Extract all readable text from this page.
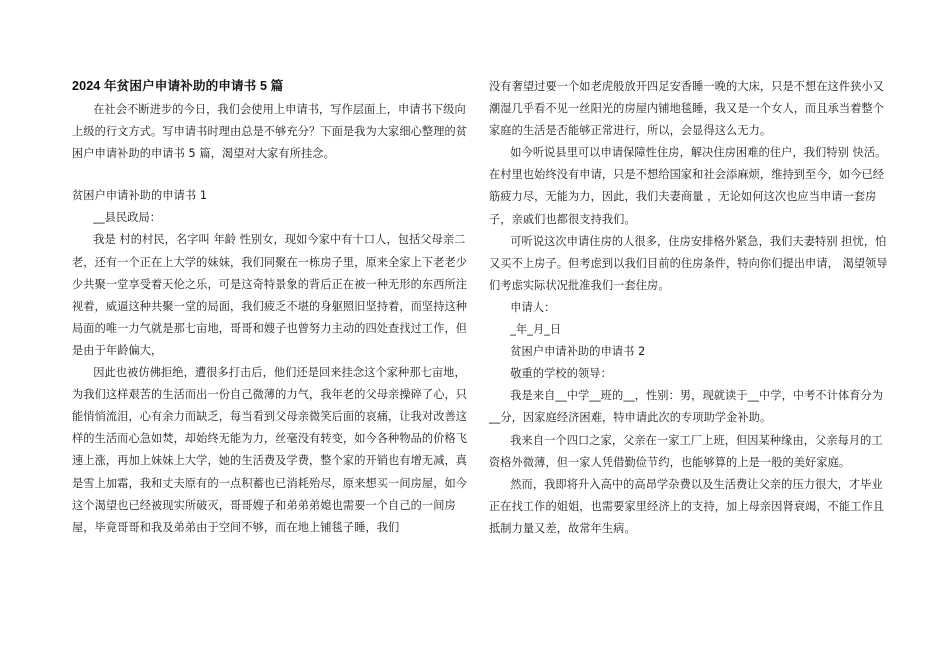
2024 年贫困户申请补助的申请书 5 篇

在社会不断进步的今日，我们会使用上申请书，写作层面上，申请书下级向上级的行文方式。写申请书时理由总是不够充分？下面是我为大家细心整理的贫困户申请补助的申请书 5 篇，渴望对大家有所挂念。

贫困户申请补助的申请书 1

__县民政局：

我是 村的村民，名字叫 年龄 性别女，现如今家中有十口人，包括父母亲二老，还有一个正在上大学的妹妹，我们同聚在一栋房子里，原来全家上下老老少少共聚一堂享受着天伦之乐，可是这奇特景象的背后正在被一种无形的东西所注视着，威逼这种共聚一堂的局面，我们疲乏不堪的身躯照旧坚持着，而坚持这种局面的唯一力气就是那七亩地，哥哥和嫂子也曾努力主动的四处查找过工作，但是由于年龄偏大，

因此也被仿佛拒绝，遭很多打击后，他们还是回来挂念这个家种那七亩地，为我们这样艰苦的生活而出一份自己微薄的力气，我年老的父母亲操碎了心，只能悄悄流泪，心有余力而缺乏，每当看到父母亲微笑后面的哀痛，让我对改善这样的生活而心急如焚，却始终无能为力，丝毫没有转变，如今各种物品的价格飞速上涨，再加上妹妹上大学，她的生活费及学费，整个家的开销也有增无减，真是雪上加霜，我和丈夫原有的一点积蓄也已消耗殆尽，原来想买一间房屋，如今这个渴望也已经被现实所破灭，哥哥嫂子和弟弟弟媳也需要一个自己的一间房屋，毕竟哥哥和我及弟弟由于空间不够，而在地上铺毯子睡，我们

没有奢望过要一个如老虎般放开四足安香睡一晚的大床，只是不想在这件狭小又潮湿几乎看不见一丝阳光的房屋内铺地毯睡，我又是一个女人，而且承当着整个家庭的生活是否能够正常进行，所以，会显得这么无力。

如今听说县里可以申请保障性住房，解决住房困难的住户，我们特别 快活。在村里也始终没有申请，只是不想给国家和社会添麻烦，维持到至今，如今已经筋疲力尽，无能为力，因此，我们夫妻商量 ，无论如何这次也应当申请一套房子，亲戚们也都很支持我们。

可听说这次申请住房的人很多，住房安排格外紧急，我们夫妻特别 担忧，怕又买不上房子。但考虑到以我们目前的住房条件，特向你们提出申请， 渴望领导们考虑实际状况批准我们一套住房。

申请人：

_年_月_日

贫困户申请补助的申请书 2

敬重的学校的领导：

我是来自__中学__班的__，性别：男，现就读于__中学，中考不计体育分为__分，因家庭经济困难，特申请此次的专项助学金补助。

我来自一个四口之家，父亲在一家工厂上班，但因某种缘由，父亲每月的工资格外微薄，但一家人凭借勤俭节约，也能够算的上是一般的美好家庭。

然而，我即将升入高中的高昂学杂费以及生活费让父亲的压力很大，才毕业正在找工作的姐姐，也需要家里经济上的支持，加上母亲因肾衰竭，不能工作且抵制力量又差，故常年生病。
